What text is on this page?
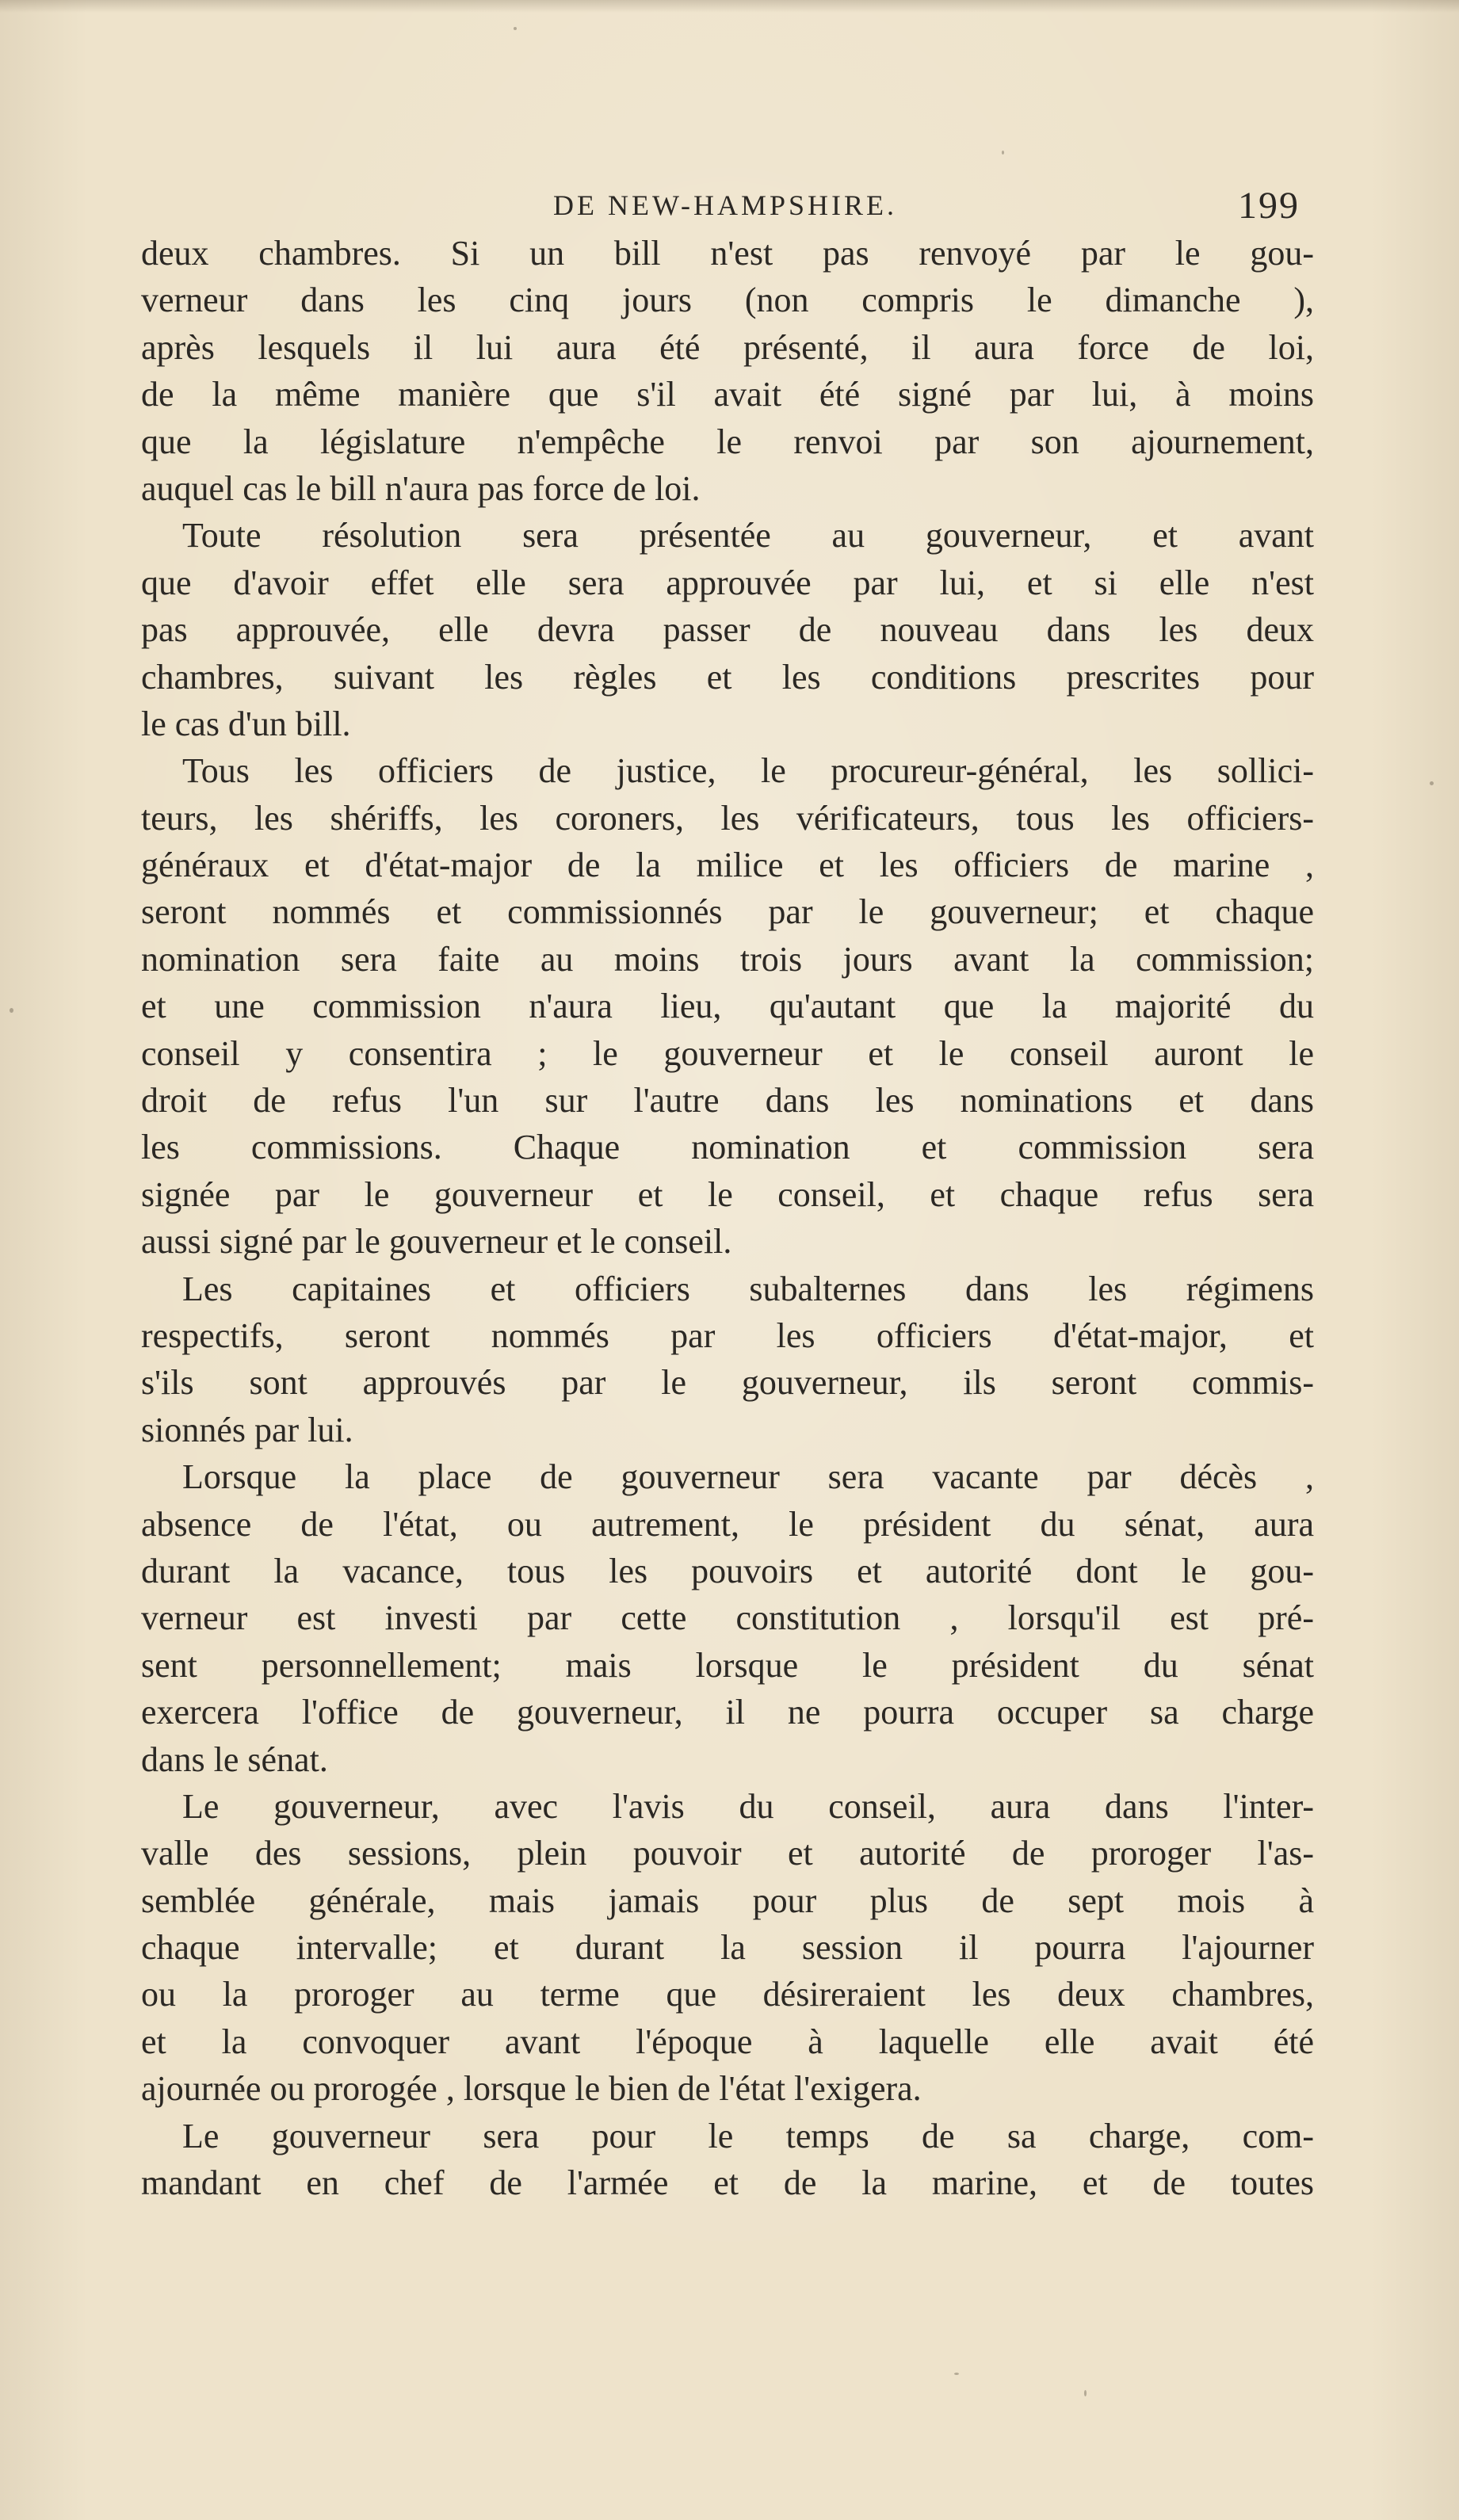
DE NEW-HAMPSHIRE.	199
deux chambres. Si un bill n'est pas renvoyé par le gou-
verneur dans les cinq jours (non compris le dimanche ),
après lesquels il lui aura été présenté, il aura force de loi,
de la même manière que s'il avait été signé par lui, à moins
que la législature n'empêche le renvoi par son ajournement,
auquel cas le bill n'aura pas force de loi.
Toute résolution sera présentée au gouverneur, et avant
que d'avoir effet elle sera approuvée par lui, et si elle n'est
pas approuvée, elle devra passer de nouveau dans les deux
chambres, suivant les règles et les conditions prescrites pour
le cas d'un bill.
Tous les officiers de justice, le procureur-général, les sollici-
teurs, les shériffs, les coroners, les vérificateurs, tous les officiers-
généraux et d'état-major de la milice et les officiers de marine ,
seront nommés et commissionnés par le gouverneur; et chaque
nomination sera faite au moins trois jours avant la commission;
et une commission n'aura lieu, qu'autant que la majorité du
conseil y consentira ; le gouverneur et le conseil auront le
droit de refus l'un sur l'autre dans les nominations et dans
les commissions. Chaque nomination et commission sera
signée par le gouverneur et le conseil, et chaque refus sera
aussi signé par le gouverneur et le conseil.
Les capitaines et officiers subalternes dans les régimens
respectifs, seront nommés par les officiers d'état-major, et
s'ils sont approuvés par le gouverneur, ils seront commis-
sionnés par lui.
Lorsque la place de gouverneur sera vacante par décès ,
absence de l'état, ou autrement, le président du sénat, aura
durant la vacance, tous les pouvoirs et autorité dont le gou-
verneur est investi par cette constitution , lorsqu'il est pré-
sent personnellement; mais lorsque le président du sénat
exercera l'office de gouverneur, il ne pourra occuper sa charge
dans le sénat.
Le gouverneur, avec l'avis du conseil, aura dans l'inter-
valle des sessions, plein pouvoir et autorité de proroger l'as-
semblée générale, mais jamais pour plus de sept mois à
chaque intervalle; et durant la session il pourra l'ajourner
ou la proroger au terme que désireraient les deux chambres,
et la convoquer avant l'époque à laquelle elle avait été
ajournée ou prorogée , lorsque le bien de l'état l'exigera.
Le gouverneur sera pour le temps de sa charge, com-
mandant en chef de l'armée et de la marine, et de toutes
